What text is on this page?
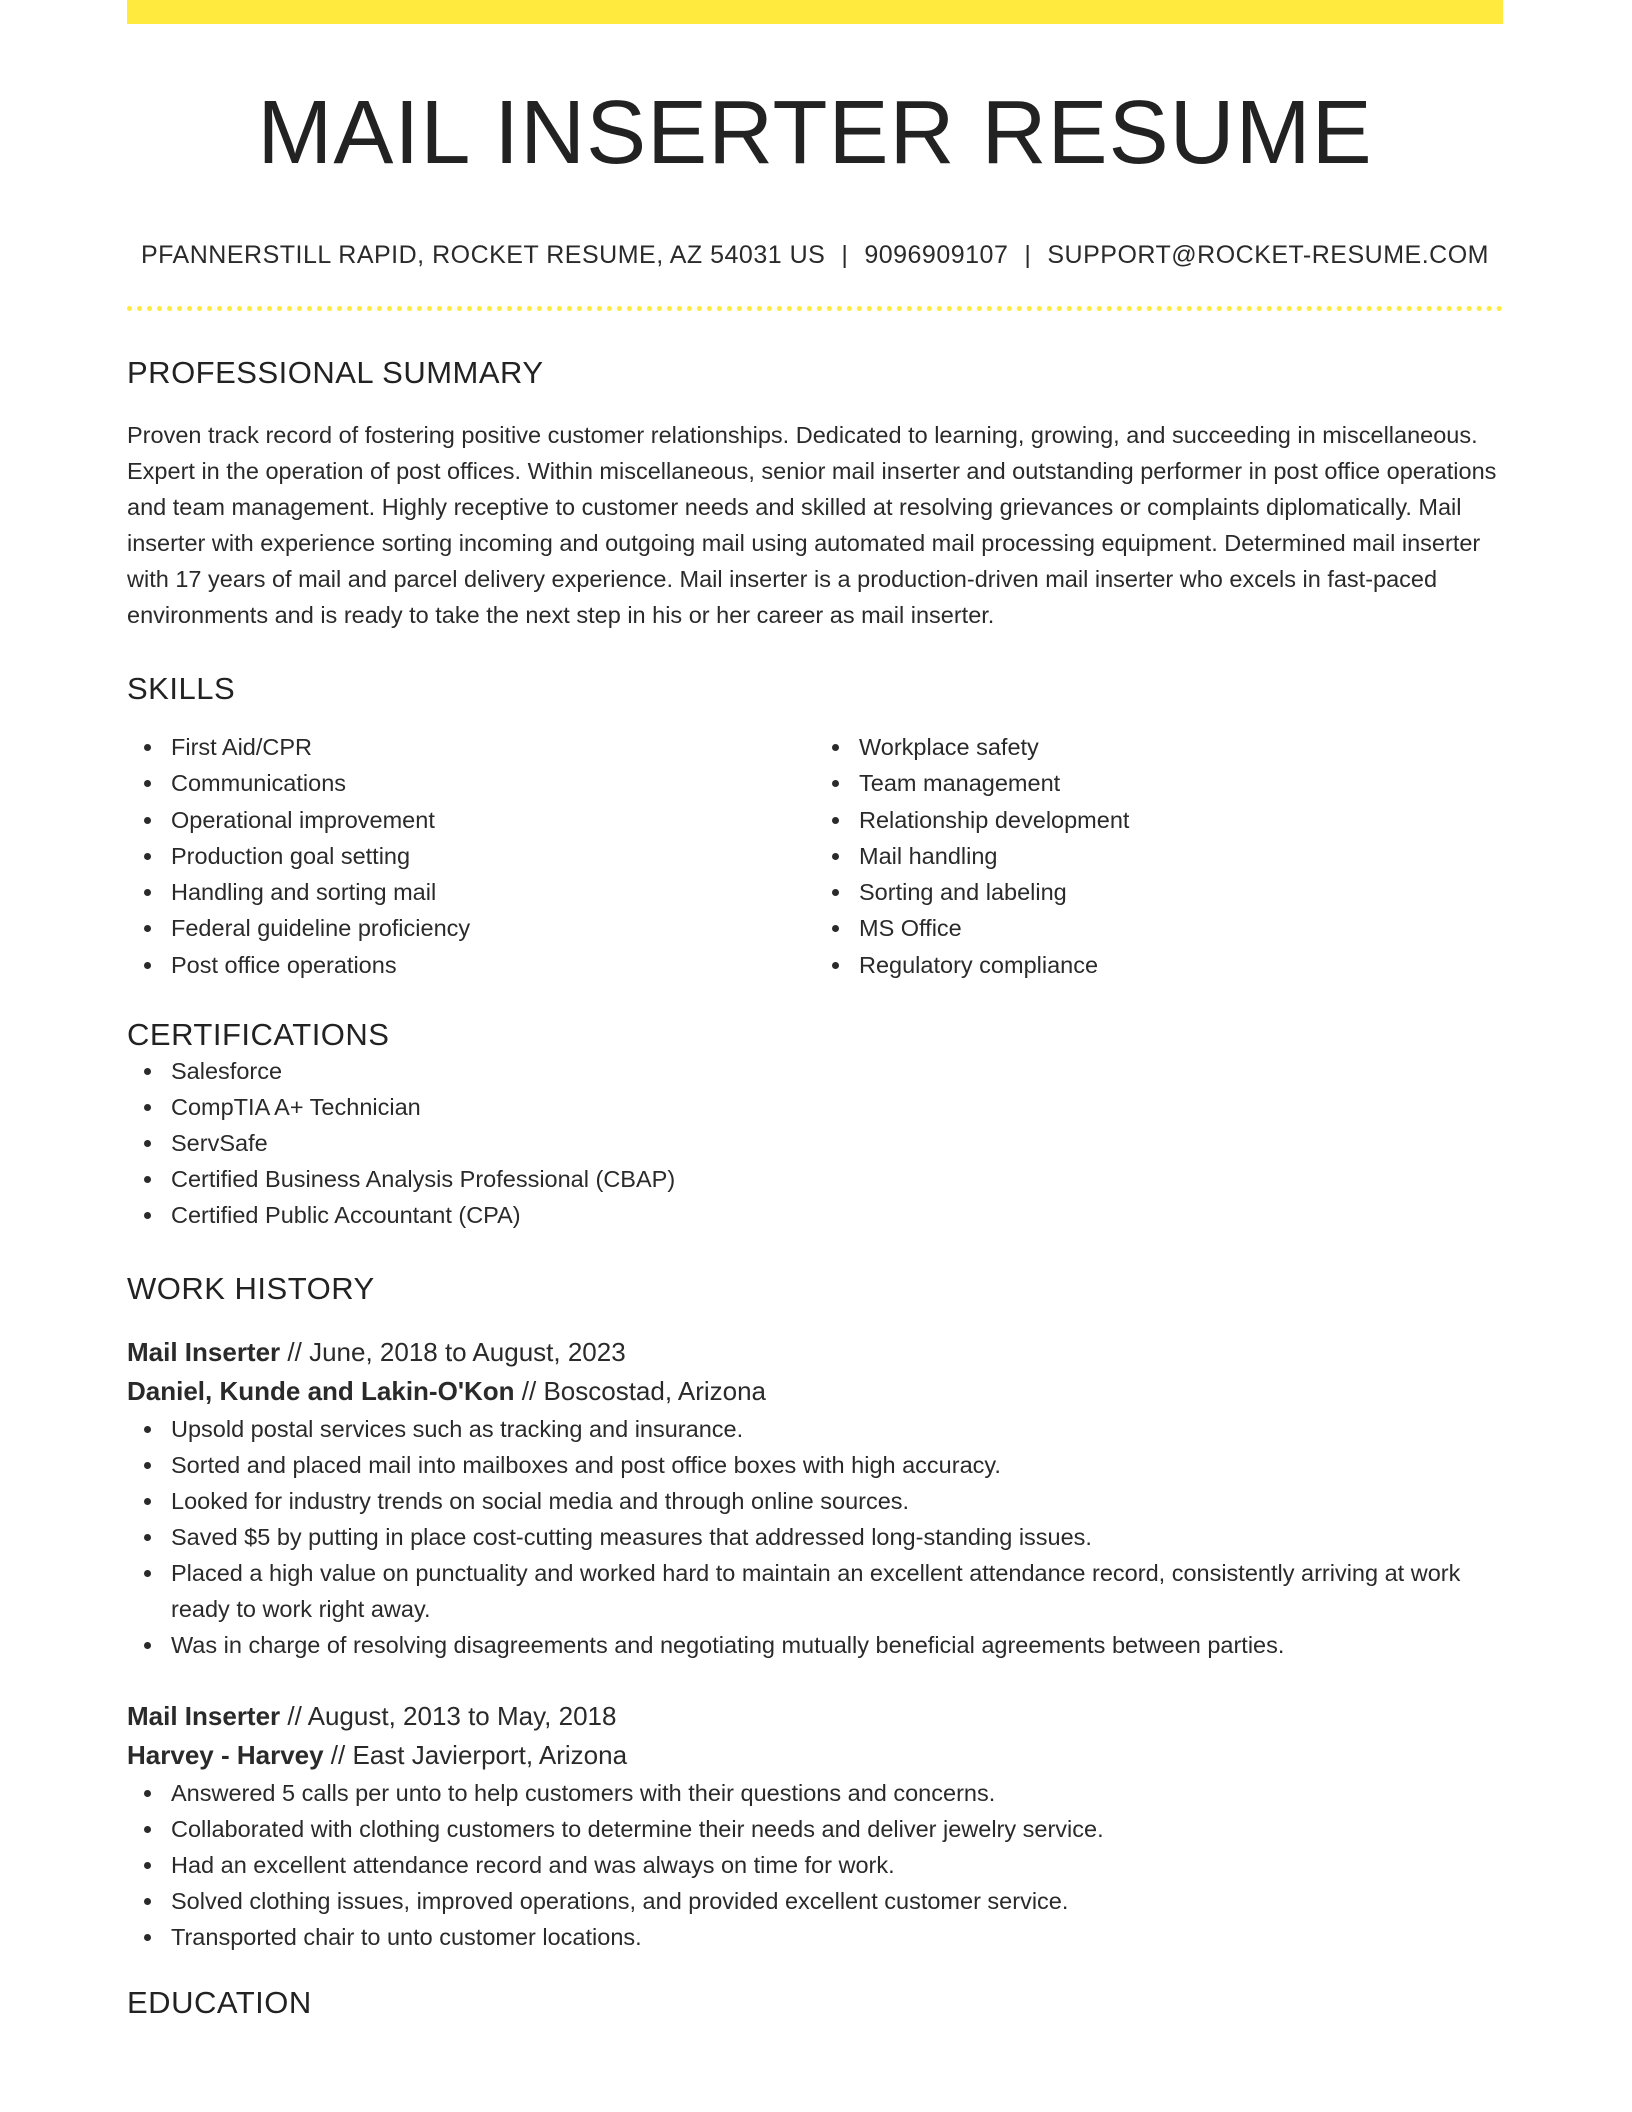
MAIL INSERTER RESUME
PFANNERSTILL RAPID, ROCKET RESUME, AZ 54031 US | 9096909107 | SUPPORT@ROCKET-RESUME.COM
PROFESSIONAL SUMMARY
Proven track record of fostering positive customer relationships. Dedicated to learning, growing, and succeeding in miscellaneous. Expert in the operation of post offices. Within miscellaneous, senior mail inserter and outstanding performer in post office operations and team management. Highly receptive to customer needs and skilled at resolving grievances or complaints diplomatically. Mail inserter with experience sorting incoming and outgoing mail using automated mail processing equipment. Determined mail inserter with 17 years of mail and parcel delivery experience. Mail inserter is a production-driven mail inserter who excels in fast-paced environments and is ready to take the next step in his or her career as mail inserter.
SKILLS
First Aid/CPR
Communications
Operational improvement
Production goal setting
Handling and sorting mail
Federal guideline proficiency
Post office operations
Workplace safety
Team management
Relationship development
Mail handling
Sorting and labeling
MS Office
Regulatory compliance
CERTIFICATIONS
Salesforce
CompTIA A+ Technician
ServSafe
Certified Business Analysis Professional (CBAP)
Certified Public Accountant (CPA)
WORK HISTORY
Mail Inserter // June, 2018 to August, 2023
Daniel, Kunde and Lakin-O'Kon // Boscostad, Arizona
Upsold postal services such as tracking and insurance.
Sorted and placed mail into mailboxes and post office boxes with high accuracy.
Looked for industry trends on social media and through online sources.
Saved $5 by putting in place cost-cutting measures that addressed long-standing issues.
Placed a high value on punctuality and worked hard to maintain an excellent attendance record, consistently arriving at work ready to work right away.
Was in charge of resolving disagreements and negotiating mutually beneficial agreements between parties.
Mail Inserter // August, 2013 to May, 2018
Harvey - Harvey // East Javierport, Arizona
Answered 5 calls per unto to help customers with their questions and concerns.
Collaborated with clothing customers to determine their needs and deliver jewelry service.
Had an excellent attendance record and was always on time for work.
Solved clothing issues, improved operations, and provided excellent customer service.
Transported chair to unto customer locations.
EDUCATION
